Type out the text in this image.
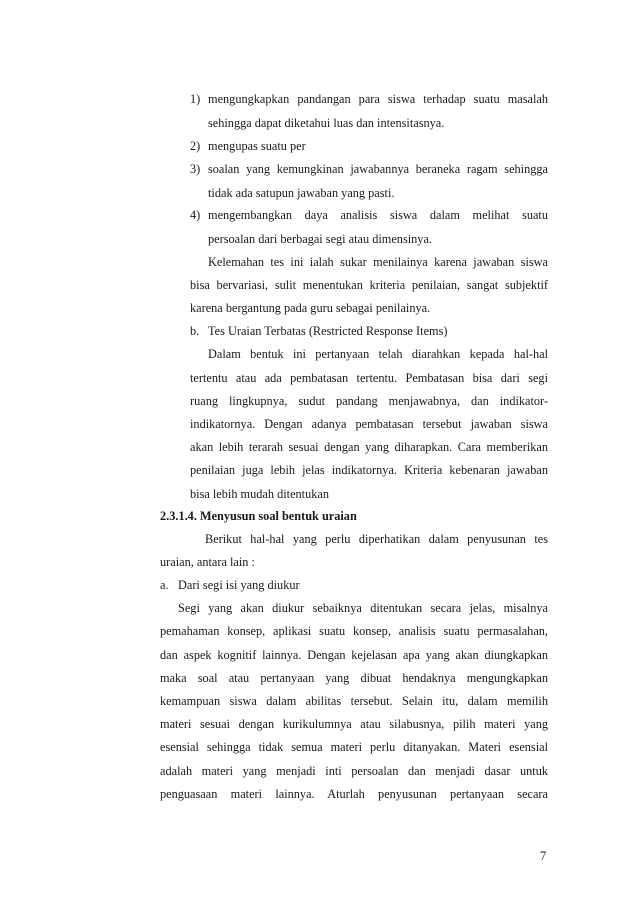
1) mengungkapkan pandangan para siswa terhadap suatu masalah
sehingga dapat diketahui luas dan intensitasnya.
2) mengupas suatu per
3) soalan yang kemungkinan jawabannya beraneka ragam sehingga
tidak ada satupun jawaban yang pasti.
4) mengembangkan daya analisis siswa dalam melihat suatu
persoalan dari berbagai segi atau dimensinya.
Kelemahan tes ini ialah sukar menilainya karena jawaban siswa
bisa bervariasi, sulit menentukan kriteria penilaian, sangat subjektif
karena bergantung pada guru sebagai penilainya.
b. Tes Uraian Terbatas (Restricted Response Items)
Dalam bentuk ini pertanyaan telah diarahkan kepada hal-hal
tertentu atau ada pembatasan tertentu. Pembatasan bisa dari segi
ruang lingkupnya, sudut pandang menjawabnya, dan indikator-
indikatornya. Dengan adanya pembatasan tersebut jawaban siswa
akan lebih terarah sesuai dengan yang diharapkan. Cara memberikan
penilaian juga lebih jelas indikatornya. Kriteria kebenaran jawaban
bisa lebih mudah ditentukan
2.3.1.4. Menyusun soal bentuk uraian
Berikut hal-hal yang perlu diperhatikan dalam penyusunan tes
uraian, antara lain :
a. Dari segi isi yang diukur
Segi yang akan diukur sebaiknya ditentukan secara jelas, misalnya
pemahaman konsep, aplikasi suatu konsep, analisis suatu permasalahan,
dan aspek kognitif lainnya. Dengan kejelasan apa yang akan diungkapkan
maka soal atau pertanyaan yang dibuat hendaknya mengungkapkan
kemampuan siswa dalam abilitas tersebut. Selain itu, dalam memilih
materi sesuai dengan kurikulumnya atau silabusnya, pilih materi yang
esensial sehingga tidak semua materi perlu ditanyakan. Materi esensial
adalah materi yang menjadi inti persoalan dan menjadi dasar untuk
penguasaan materi lainnya. Aturlah penyusunan pertanyaan secara
7
